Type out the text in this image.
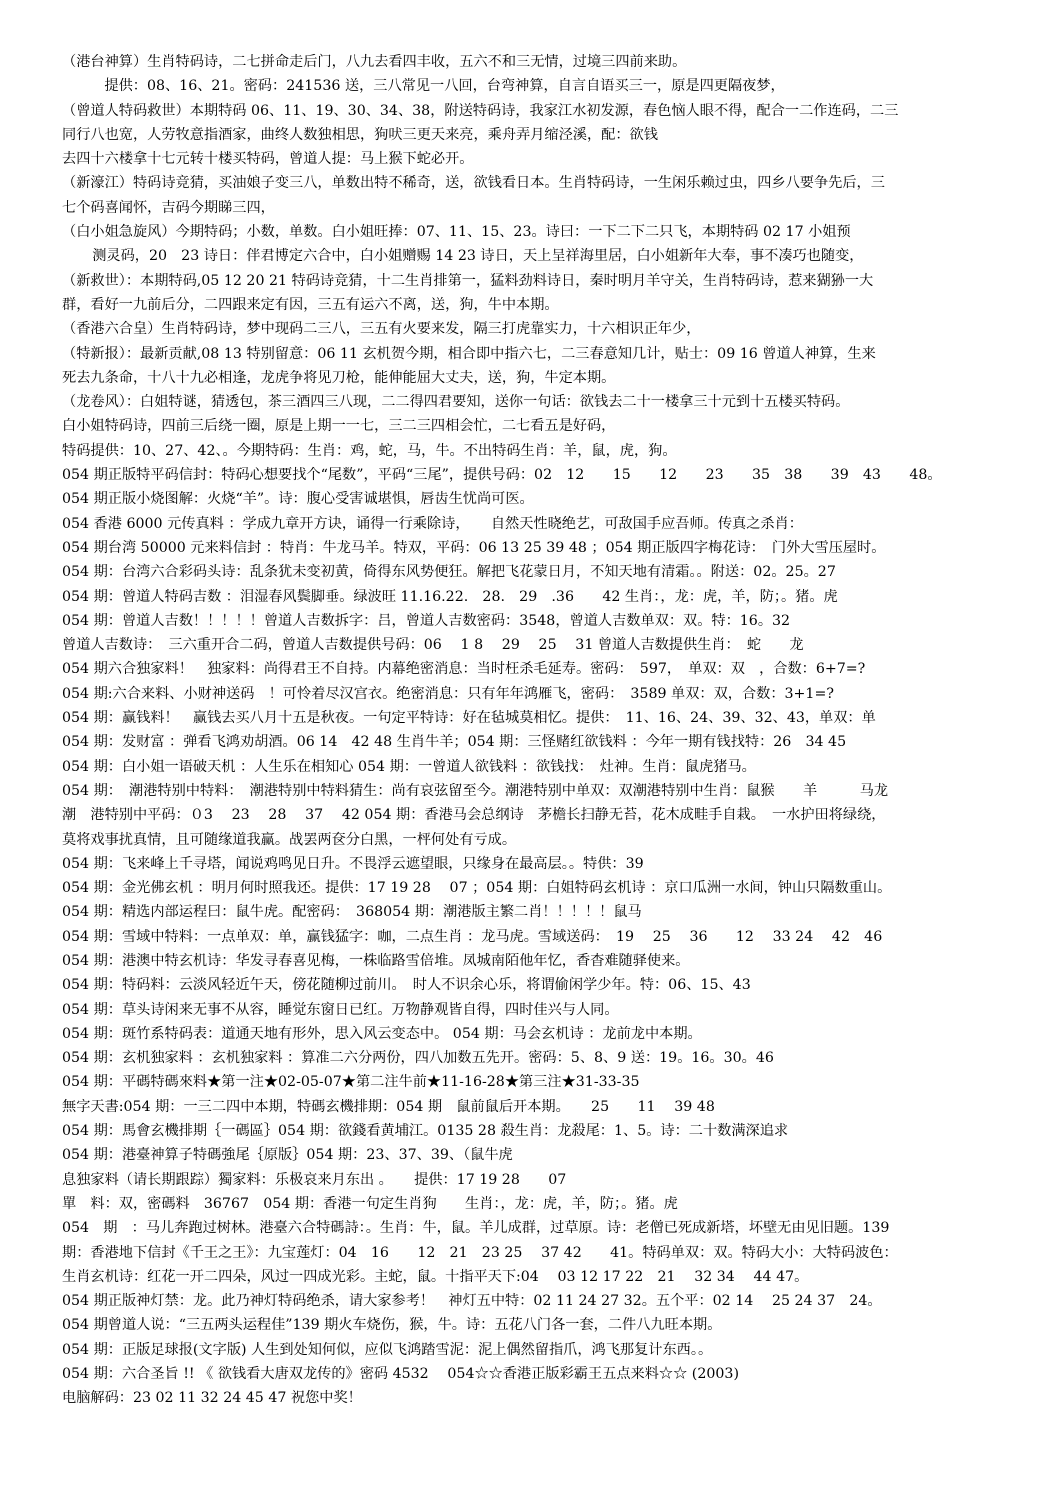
（港台神算）生肖特码诗，二七拼命走后门，八九去看四丰收，五六不和三无情，过境三四前来助。
　　提供：08、16、21。密码：241536 送，三八常见一八回，台弯神算，自言自语买三一，原是四更隔夜梦，
（曾道人特码救世）本期特码 06、11、19、30、34、38，附送特码诗，我家江水初发源，春色恼人眼不得，配合一二作连码，二三
同行八也宽，人劳牧意指酒家，曲终人数独相思，狗吠三更天来亮，乘舟弄月缩泾溪，配：欲钱
去四十六楼拿十七元转十楼买特码，曾道人提：马上猴下蛇必开。
（新濠江）特码诗竞猜，买油娘子变三八，单数出特不稀奇，送，欲钱看日本。生肖特码诗，一生闲乐赖过虫，四乡八要争先后，三
七个码喜闻怀，吉码今期睇三四，
（白小姐急旋风）今期特码；小数，单数。白小姐旺捧：07、11、15、23。诗曰：一下二下二只飞，本期特码 02 17 小姐预
　测灵码，20　23 诗日：伴君博定六合中，白小姐赠赐 14 23 诗日，天上呈祥海里居，白小姐新年大奉，事不凑巧也随变，
（新救世）：本期特码,05 12 20 21 特码诗竞猜，十二生肖排第一，猛料劲料诗日，秦时明月羊守关，生肖特码诗，惹来猢狲一大
群，看好一九前后分，二四跟来定有因，三五有运六不离，送，狗，牛中本期。
（香港六合皇）生肖特码诗，梦中现码二三八，三五有火要来发，隔三打虎靠实力，十六相识正年少，
（特新报）：最新贡献,08 13 特别留意：06 11 玄机贺今期，相合即中指六七，二三春意知几计，贴士：09 16 曾道人神算，生来
死去九条命，十八十九必相逢，龙虎争将见刀枪，能伸能屈大丈夫，送，狗，牛定本期。
（龙卷风）：白姐特谜，猜透包，茶三酒四三八现，二二得四君要知，送你一句话：欲钱去二十一楼拿三十元到十五楼买特码。
白小姐特码诗，四前三后绕一圈，原是上期一一七，三二三四相会忙，二七看五是好码，
特码提供：10、27、42、。今期特码：生肖：鸡，蛇，马，牛。不出特码生肖：羊，鼠，虎，狗。
054 期正版特平码信封：特码心想要找个“尾数”，平码“三尾”，提供号码：02　12　　15　　12　　23　　35　38　　39　43　　48。
054 期正版小烧图解：火烧“羊”。诗：腹心受害诚堪惧，唇齿生忧尚可医。
054 香港 6000 元传真料 ：学成九章开方诀，诵得一行乘除诗，　　自然天性晓绝艺，可敌国手应吾师。传真之杀肖：
054 期台湾 50000 元来料信封 ：特肖：牛龙马羊。特双，平码：06 13 25 39 48 ；054 期正版四字梅花诗：　门外大雪压屋时。
054 期：台湾六合彩码头诗：乱条犹未变初黄，倚得东风势便狂。解把飞花蒙日月，不知天地有清霜。。附送：02。25。27
054 期：曾道人特码吉数 ：泪湿春风鬓脚垂。绿波旺 11.16.22.　28.　29　.36　　42 生肖：，龙：虎，羊，防；。猪。虎
054 期：曾道人吉数！！！！！曾道人吉数拆字：吕，曾道人吉数密码：3548，曾道人吉数单双：双。特：16。32
曾道人吉数诗：　三六重开合二码，曾道人吉数提供号码：06　 1 8　 29　 25　 31 曾道人吉数提供生肖：　蛇　　龙
054 期六合独家料！　独家料：尚得君王不自持。内幕绝密消息：当时枉杀毛延寿。密码：　597，　单双：双　，合数：6+7=?
054 期:六合来料、小财神送码　！可怜着尽汉宫衣。绝密消息：只有年年鸿雁飞，密码：　3589 单双：双，合数：3+1=?
054 期：赢钱料！　赢钱去买八月十五是秋夜。一句定平特诗：好在毡城莫相忆。提供：　11、16、24、39、32、43，单双：单
054 期：发财富 ：弹看飞鸿劝胡酒。06 14　42 48 生肖牛羊；054 期：三怪赌红欲钱料 ：今年一期有钱找特：26　34 45
054 期：白小姐一语破天机 ：人生乐在相知心 054 期：一曾道人欲钱料 ：欲钱找：　灶神。生肖：鼠虎猪马。
054 期：　潮港特别中特料：　潮港特别中特料猜生：尚有哀弦留至今。潮港特别中单双：双潮港特别中生肖：鼠猴　　羊　　　马龙
潮　港特别中平码：０3　 23　 28　 37　 42 054 期：香港马会总纲诗　茅檐长扫静无苔，花木成畦手自栽。　一水护田将绿绕，
莫将戏事扰真情，且可随缘道我赢。战罢两奁分白黑，一枰何处有亏成。
054 期：飞来峰上千寻塔，闻说鸡鸣见日升。不畏浮云遮望眼，只缘身在最高层。。特供：39
054 期：金光佛玄机 ：明月何时照我还。提供：17 19 28　 07 ；054 期：白姐特码玄机诗 ：京口瓜洲一水间，钟山只隔数重山。
054 期：精选内部运程曰：鼠牛虎。配密码：　368054 期：潮港版主繁二肖！！！！！鼠马
054 期：雪域中特料：一点单双：单，赢钱猛字：咖，二点生肖 ：龙马虎。雪域送码：　19　 25　 36　　12　 33 24　 42　46
054 期：港澳中特玄机诗：华发寻春喜见梅，一株临路雪倍堆。凤城南陌他年忆，香杳难随驿使来。
054 期：特码料：云淡风轻近午天，傍花随柳过前川。　时人不识余心乐，将谓偷闲学少年。特：06、15、43
054 期：草头诗闲来无事不从容，睡觉东窗日已红。万物静观皆自得，四时佳兴与人同。
054 期：斑竹系特码表：道通天地有形外，思入风云变态中。 054 期：马会玄机诗 ：龙前龙中本期。
054 期：玄机独家料 ：玄机独家料 ：算准二六分两份，四八加数五先开。密码：5、8、9 送：19。16。30。46
054 期：平碼特碼來料★第一注★02-05-07★第二注牛前★11-16-28★第三注★31-33-35
無字天書:054 期：一三二四中本期，特碼玄機排期：054 期　鼠前鼠后开本期。　　25　　11　 39 48
054 期：馬會玄機排期｛一碼區｝054 期：欲錢看黄埔江。0135 28 殺生肖：龙殺尾：1、5。诗：二十数满深追求
054 期：港臺神算子特碼強尾｛原版｝054 期：23、37、39、（鼠牛虎
息独家料（请长期跟踪）獨家料：乐极哀来月东出 。　　提供：17 19 28　　07
單　料：双，密碼料　36767　054 期：香港一句定生肖狗　　生肖：，龙：虎，羊，防；。猪。虎
054　期　：马儿奔跑过树林。港臺六合特碼詩：。生肖：牛，鼠。羊儿成群，过草原。诗：老僧已死成新塔，坏壁无由见旧题。139
期：香港地下信封《千王之王》：九宝莲灯：04　16　　12　21　23 25　 37 42　　41。特码单双：双。特码大小：大特码波色：
生肖玄机诗：红花一开二四朵，风过一四成光彩。主蛇，鼠。十指平天下:04　 03 12 17 22　21　 32 34　 44 47。
054 期正版神灯禁：龙。此乃神灯特码绝杀，请大家参考！　神灯五中特：02 11 24 27 32。五个平：02 14　 25 24 37　24。
054 期曾道人说：“三五两头运程佳”139 期火车烧伤，猴，牛。诗：五花八门各一套，二件八九旺本期。
054 期：正版足球报(文字版) 人生到处知何似，应似飞鸿踏雪泥：泥上偶然留指爪，鸿飞那复计东西。。
054 期：六合圣旨 !! 《 欲钱看大唐双龙传的》密码 4532　 054☆☆香港正版彩霸王五点来料☆☆ (2003)
电脑解码：23 02 11 32 24 45 47 祝您中奖！
